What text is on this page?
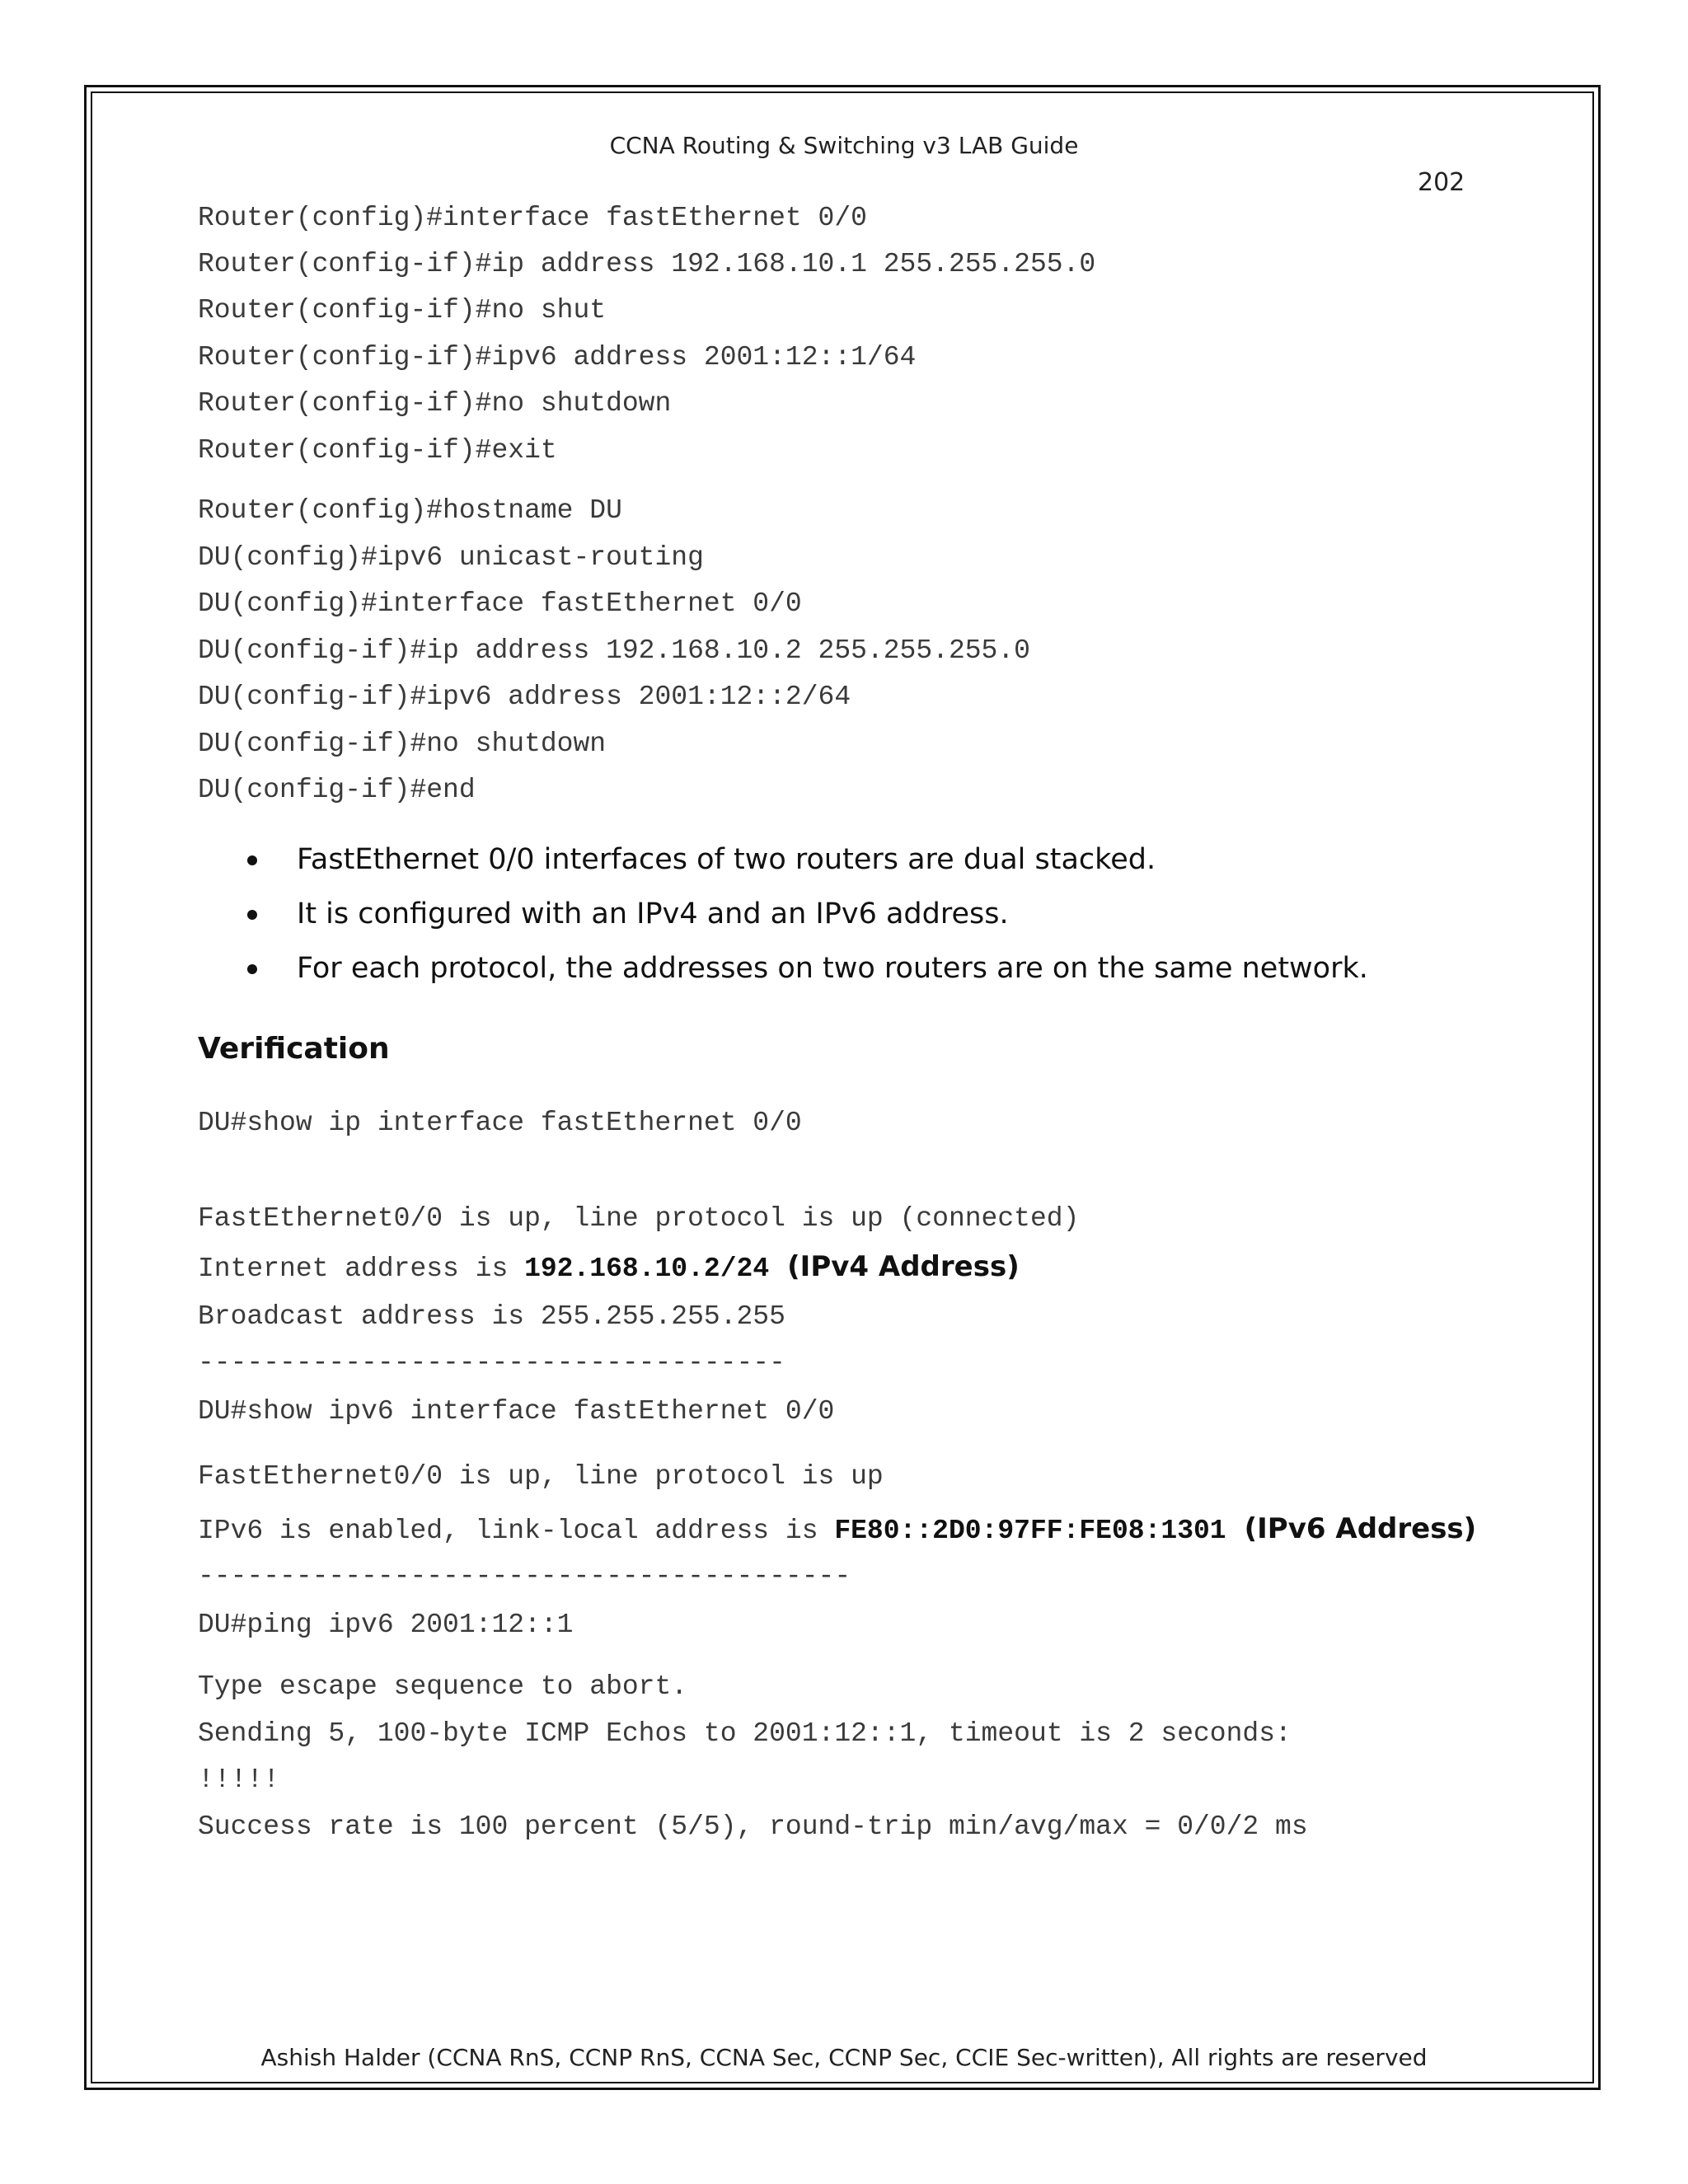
CCNA Routing & Switching v3 LAB Guide
202
Router(config)#interface fastEthernet 0/0
Router(config-if)#ip address 192.168.10.1 255.255.255.0
Router(config-if)#no shut
Router(config-if)#ipv6 address 2001:12::1/64
Router(config-if)#no shutdown
Router(config-if)#exit
Router(config)#hostname DU
DU(config)#ipv6 unicast-routing
DU(config)#interface fastEthernet 0/0
DU(config-if)#ip address 192.168.10.2 255.255.255.0
DU(config-if)#ipv6 address 2001:12::2/64
DU(config-if)#no shutdown
DU(config-if)#end
FastEthernet 0/0 interfaces of two routers are dual stacked.
It is configured with an IPv4 and an IPv6 address.
For each protocol, the addresses on two routers are on the same network.
Verification
DU#show ip interface fastEthernet 0/0
FastEthernet0/0 is up, line protocol is up (connected)
Internet address is 192.168.10.2/24 (IPv4 Address)
Broadcast address is 255.255.255.255
------------------------------------
DU#show ipv6 interface fastEthernet 0/0
FastEthernet0/0 is up, line protocol is up
IPv6 is enabled, link-local address is FE80::2D0:97FF:FE08:1301 (IPv6 Address)
----------------------------------------
DU#ping ipv6 2001:12::1
Type escape sequence to abort.
Sending 5, 100-byte ICMP Echos to 2001:12::1, timeout is 2 seconds:
!!!!!
Success rate is 100 percent (5/5), round-trip min/avg/max = 0/0/2 ms
Ashish Halder (CCNA RnS, CCNP RnS, CCNA Sec, CCNP Sec, CCIE Sec-written), All rights are reserved
